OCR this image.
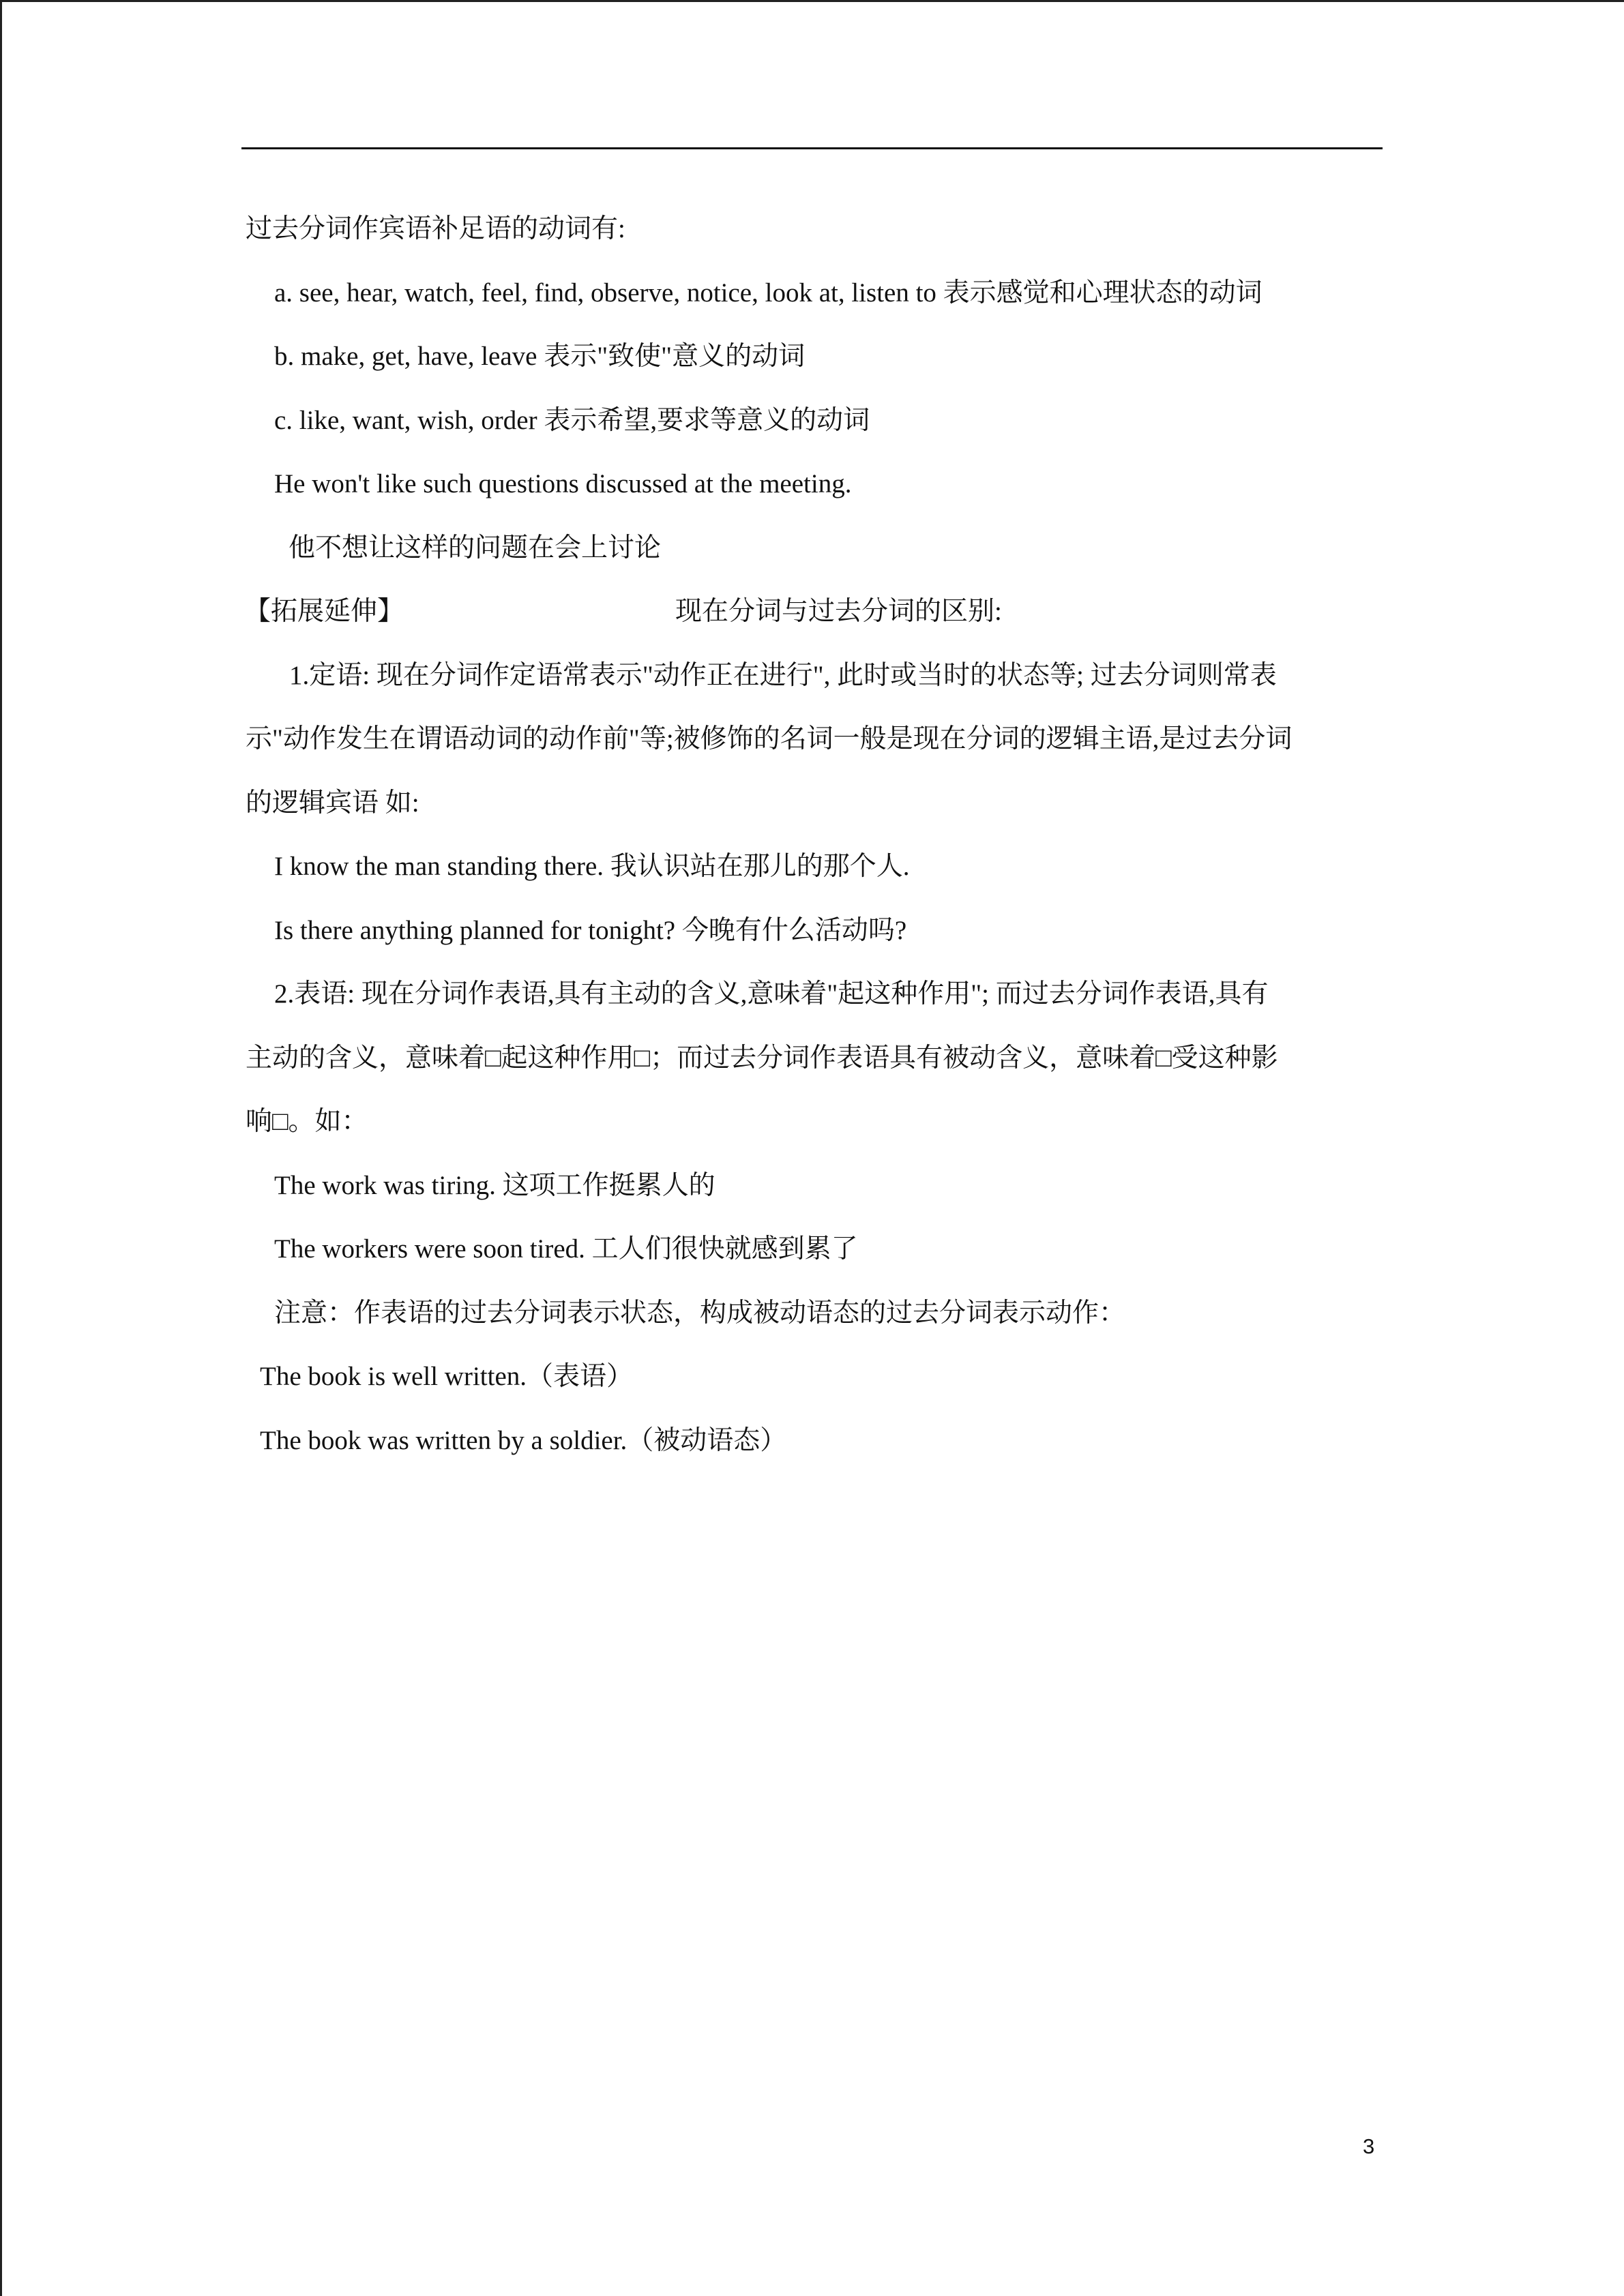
过去分词作宾语补足语的动词有:
a. see, hear, watch, feel, find, observe, notice, look at, listen to 表示感觉和心理状态的动词
b. make, get, have, leave 表示"致使"意义的动词
c. like, want, wish, order 表示希望,要求等意义的动词
He won't like such questions discussed at the meeting.
他不想让这样的问题在会上讨论
【拓展延伸】	现在分词与过去分词的区别:
1.定语: 现在分词作定语常表示"动作正在进行", 此时或当时的状态等; 过去分词则常表
示"动作发生在谓语动词的动作前"等;被修饰的名词一般是现在分词的逻辑主语,是过去分词
的逻辑宾语 如:
I know the man standing there. 我认识站在那儿的那个人.
Is there anything planned for tonight? 今晚有什么活动吗?
2.表语: 现在分词作表语,具有主动的含义,意味着"起这种作用"; 而过去分词作表语,具有
主动的含义，意味着□起这种作用□；而过去分词作表语具有被动含义，意味着□受这种影
响□。如：
The work was tiring. 这项工作挺累人的
The workers were soon tired. 工人们很快就感到累了
注意：作表语的过去分词表示状态，构成被动语态的过去分词表示动作：
The book is well written.（表语）
The book was written by a soldier.（被动语态）
3
